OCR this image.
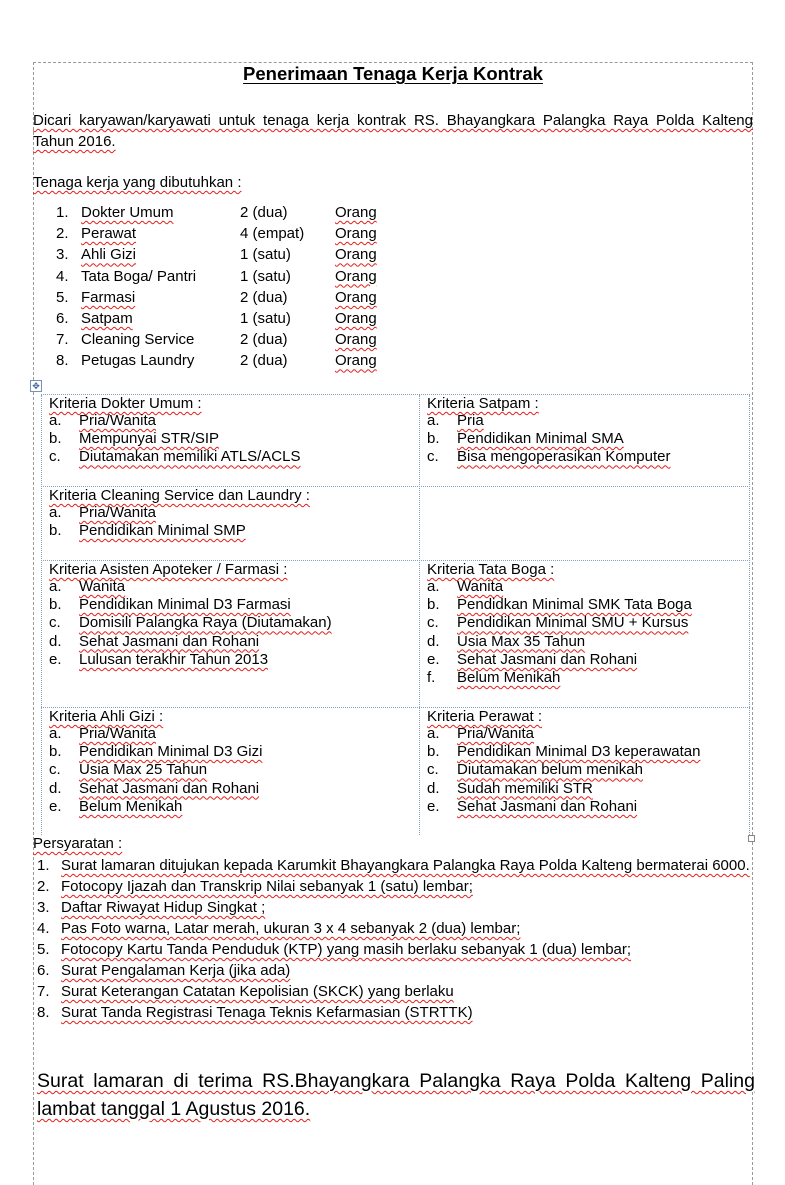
Penerimaan Tenaga Kerja Kontrak
Dicari karyawan/karyawati untuk tenaga kerja kontrak RS. Bhayangkara Palangka Raya Polda Kalteng Tahun 2016.
Tenaga kerja yang dibutuhkan :
1. Dokter Umum	2 (dua)	Orang
2. Perawat	4 (empat)	Orang
3. Ahli Gizi	1 (satu)	Orang
4. Tata Boga/ Pantri	1 (satu)	Orang
5. Farmasi	2 (dua)	Orang
6. Satpam	1 (satu)	Orang
7. Cleaning Service	2 (dua)	Orang
8. Petugas Laundry	2 (dua)	Orang
✥
Kriteria Dokter Umum :
a.	Pria/Wanita
b.	Mempunyai STR/SIP
c.	Diutamakan memiliki ATLS/ACLS
Kriteria Satpam :
a.	Pria
b.	Pendidikan Minimal SMA
c.	Bisa mengoperasikan Komputer
Kriteria Cleaning Service dan Laundry :
a.	Pria/Wanita
b.	Pendidikan Minimal SMP
Kriteria Asisten Apoteker / Farmasi :
a.	Wanita
b.	Pendidikan Minimal D3 Farmasi
c.	Domisili Palangka Raya (Diutamakan)
d.	Sehat Jasmani dan Rohani
e.	Lulusan terakhir Tahun 2013
Kriteria Tata Boga :
a.	Wanita
b.	Pendidkan Minimal SMK Tata Boga
c.	Pendidikan Minimal SMU + Kursus
d.	Usia Max 35 Tahun
e.	Sehat Jasmani dan Rohani
f.	Belum Menikah
Kriteria Ahli Gizi :
a.	Pria/Wanita
b.	Pendidikan Minimal D3 Gizi
c.	Usia Max 25 Tahun
d.	Sehat Jasmani dan Rohani
e.	Belum Menikah
Kriteria Perawat :
a.	Pria/Wanita
b.	Pendidikan Minimal D3 keperawatan
c.	Diutamakan belum menikah
d.	Sudah memiliki STR
e.	Sehat Jasmani dan Rohani
Persyaratan :
1. Surat lamaran ditujukan kepada Karumkit Bhayangkara Palangka Raya Polda Kalteng bermaterai 6000.
2. Fotocopy Ijazah dan Transkrip Nilai sebanyak 1 (satu) lembar;
3. Daftar Riwayat Hidup Singkat ;
4. Pas Foto warna, Latar merah, ukuran 3 x 4 sebanyak 2 (dua) lembar;
5. Fotocopy Kartu Tanda Penduduk (KTP) yang masih berlaku sebanyak 1 (dua) lembar;
6. Surat Pengalaman Kerja (jika ada)
7. Surat Keterangan Catatan Kepolisian (SKCK) yang berlaku
8. Surat Tanda Registrasi Tenaga Teknis Kefarmasian (STRTTK)
Surat lamaran di terima RS.Bhayangkara Palangka Raya Polda Kalteng Paling lambat tanggal 1 Agustus 2016.
